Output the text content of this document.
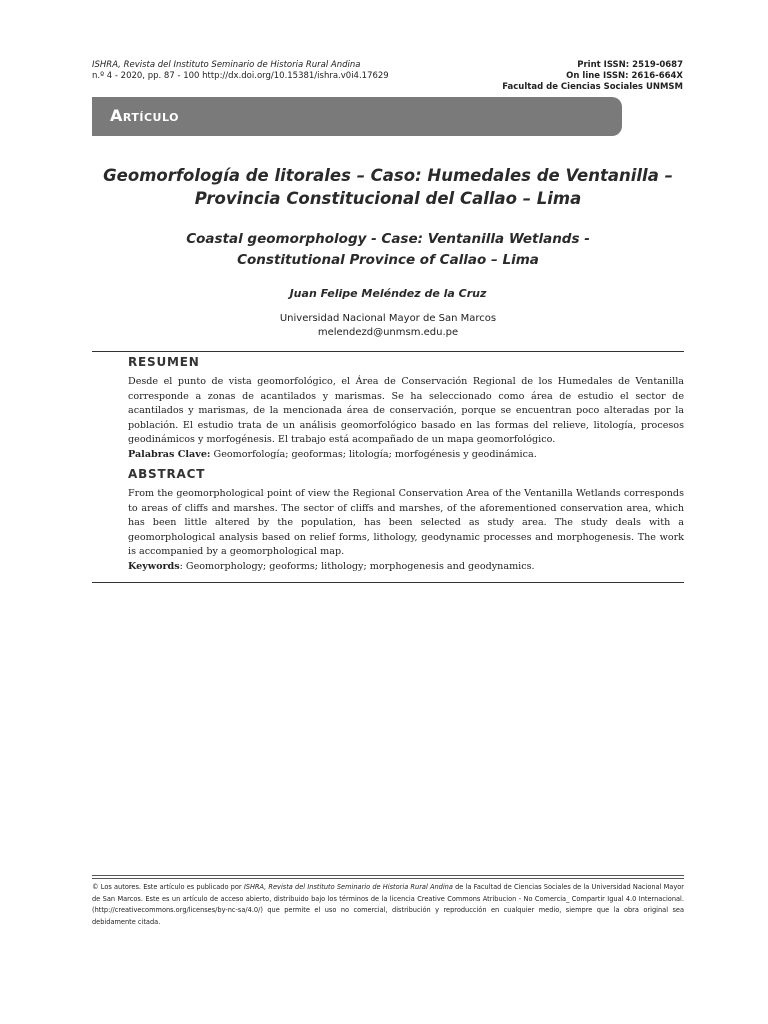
ISHRA, Revista del Instituto Seminario de Historia Rural Andina
n.º 4 - 2020, pp. 87 - 100 http://dx.doi.org/10.15381/ishra.v0i4.17629
Print ISSN: 2519-0687
On line ISSN: 2616-664X
Facultad de Ciencias Sociales UNMSM
Artículo
Geomorfología de litorales – Caso: Humedales de Ventanilla –
Provincia Constitucional del Callao – Lima
Coastal geomorphology - Case: Ventanilla Wetlands -
Constitutional Province of Callao – Lima
Juan Felipe Meléndez de la Cruz
Universidad Nacional Mayor de San Marcos
melendezd@unmsm.edu.pe
RESUMEN
Desde el punto de vista geomorfológico, el Área de Conservación Regional de los Humedales de Ventanilla corresponde a zonas de acantilados y marismas. Se ha seleccionado como área de estudio el sector de acantilados y marismas, de la mencionada área de conservación, porque se encuentran poco alteradas por la población. El estudio trata de un análisis geomorfológico basado en las formas del relieve, litología, procesos geodinámicos y morfogénesis. El trabajo está acompañado de un mapa geomorfológico.
Palabras Clave: Geomorfología; geoformas; litología; morfogénesis y geodinámica.
ABSTRACT
From the geomorphological point of view the Regional Conservation Area of the Ventanilla Wetlands corresponds to areas of cliffs and marshes. The sector of cliffs and marshes, of the aforementioned conservation area, which has been little altered by the population, has been selected as study area. The study deals with a geomorphological analysis based on relief forms, lithology, geodynamic processes and morphogenesis. The work is accompanied by a geomorphological map.
Keywords: Geomorphology; geoforms; lithology; morphogenesis and geodynamics.
© Los autores. Este artículo es publicado por ISHRA, Revista del Instituto Seminario de Historia Rural Andina de la Facultad de Ciencias Sociales de la Universidad Nacional Mayor de San Marcos. Este es un artículo de acceso abierto, distribuido bajo los términos de la licencia Creative Commons Atribucion - No Comercia_ Compartir Igual 4.0 Internacional. (http://creativecommons.org/licenses/by-nc-sa/4.0/) que permite el uso no comercial, distribución y reproducción en cualquier medio, siempre que la obra original sea debidamente citada.
